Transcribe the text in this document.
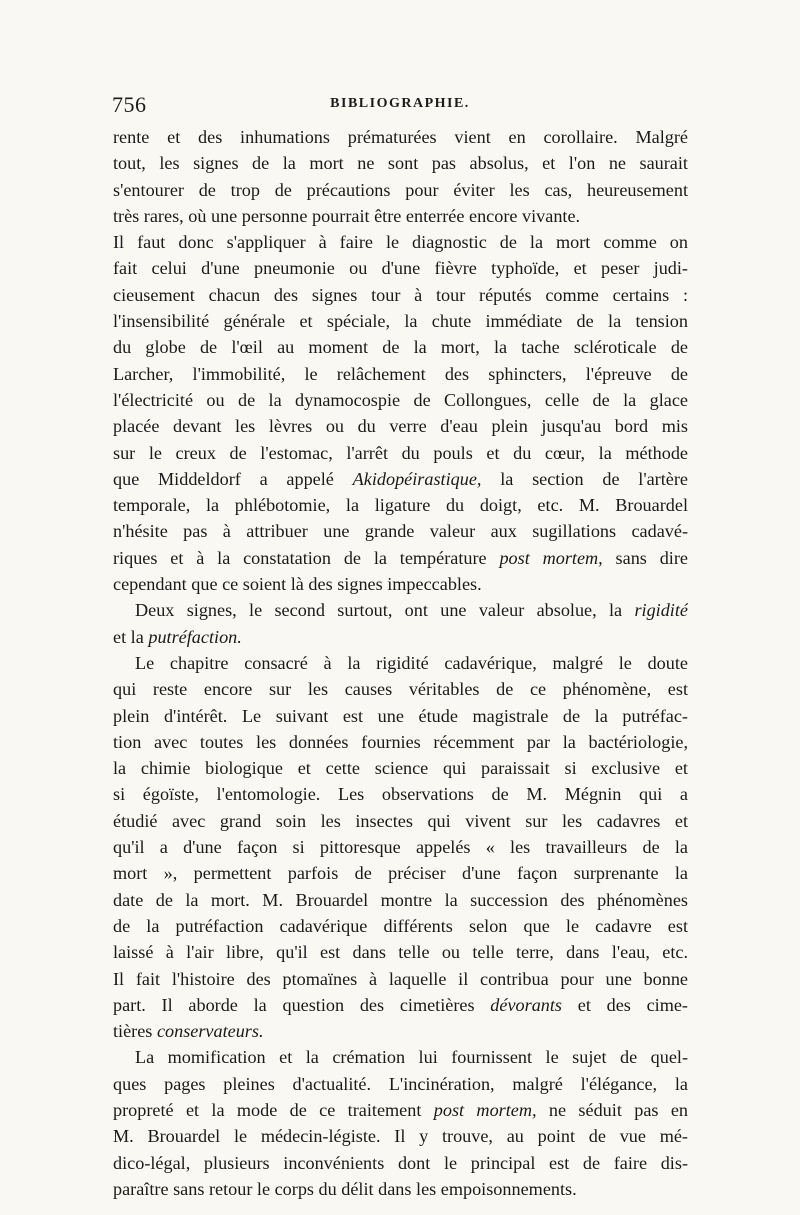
756	BIBLIOGRAPHIE.
rente et des inhumations prématurées vient en corollaire. Malgré
tout, les signes de la mort ne sont pas absolus, et l'on ne saurait
s'entourer de trop de précautions pour éviter les cas, heureusement
très rares, où une personne pourrait être enterrée encore vivante.
Il faut donc s'appliquer à faire le diagnostic de la mort comme on
fait celui d'une pneumonie ou d'une fièvre typhoïde, et peser judi-
cieusement chacun des signes tour à tour réputés comme certains :
l'insensibilité générale et spéciale, la chute immédiate de la tension
du globe de l'œil au moment de la mort, la tache scléroticale de
Larcher, l'immobilité, le relâchement des sphincters, l'épreuve de
l'électricité ou de la dynamocospie de Collongues, celle de la glace
placée devant les lèvres ou du verre d'eau plein jusqu'au bord mis
sur le creux de l'estomac, l'arrêt du pouls et du cœur, la méthode
que Middeldorf a appelé Akidopéirastique, la section de l'artère
temporale, la phlébotomie, la ligature du doigt, etc. M. Brouardel
n'hésite pas à attribuer une grande valeur aux sugillations cadavé-
riques et à la constatation de la température post mortem, sans dire
cependant que ce soient là des signes impeccables.
Deux signes, le second surtout, ont une valeur absolue, la rigidité
et la putréfaction.
Le chapitre consacré à la rigidité cadavérique, malgré le doute
qui reste encore sur les causes véritables de ce phénomène, est
plein d'intérêt. Le suivant est une étude magistrale de la putréfac-
tion avec toutes les données fournies récemment par la bactériologie,
la chimie biologique et cette science qui paraissait si exclusive et
si égoïste, l'entomologie. Les observations de M. Mégnin qui a
étudié avec grand soin les insectes qui vivent sur les cadavres et
qu'il a d'une façon si pittoresque appelés « les travailleurs de la
mort », permettent parfois de préciser d'une façon surprenante la
date de la mort. M. Brouardel montre la succession des phénomènes
de la putréfaction cadavérique différents selon que le cadavre est
laissé à l'air libre, qu'il est dans telle ou telle terre, dans l'eau, etc.
Il fait l'histoire des ptomaïnes à laquelle il contribua pour une bonne
part. Il aborde la question des cimetières dévorants et des cime-
tières conservateurs.
La momification et la crémation lui fournissent le sujet de quel-
ques pages pleines d'actualité. L'incinération, malgré l'élégance, la
propreté et la mode de ce traitement post mortem, ne séduit pas en
M. Brouardel le médecin-légiste. Il y trouve, au point de vue mé-
dico-légal, plusieurs inconvénients dont le principal est de faire dis-
paraître sans retour le corps du délit dans les empoisonnements.
